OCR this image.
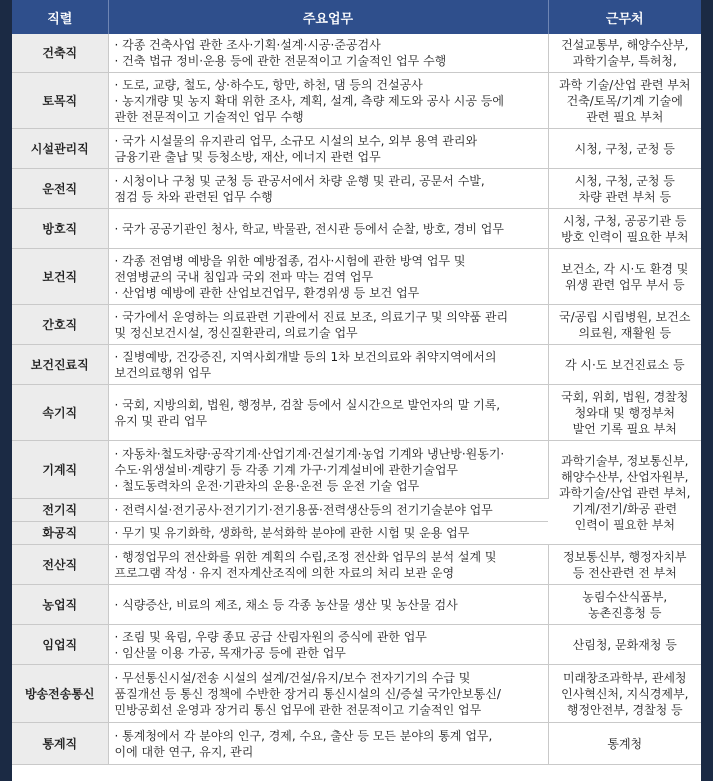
직렬	주요업무	근무처
건축직	· 각종 건축사업 관한 조사·기획·설계·시공·준공검사
· 건축 법규 정비·운용 등에 관한 전문적이고 기술적인 업무 수행	건설교통부, 해양수산부,
과학기술부, 특허청,

토목직	· 도로, 교량, 철도, 상·하수도, 항만, 하천, 댐 등의 건설공사
· 농지개량 및 농지 확대 위한 조사, 계획, 설계, 측량 제도와 공사 시공 등에
관한 전문적이고 기술적인 업무 수행	과학 기술/산업 관련 부처
건축/토목/기계 기술에
관련 필요 부처

시설관리직	· 국가 시설물의 유지관리 업무, 소규모 시설의 보수, 외부 용역 관리와
금융기관 출납 및 등청소방, 재산, 에너지 관련 업무	시청, 구청, 군청 등

운전직	· 시청이나 구청 및 군청 등 관공서에서 차량 운행 및 관리, 공문서 수발,
점검 등 차와 관련된 업무 수행	시청, 구청, 군청 등
차량 관련 부처 등

방호직	· 국가 공공기관인 청사, 학교, 박물관, 전시관 등에서 순찰, 방호, 경비 업무	시청, 구청, 공공기관 등
방호 인력이 필요한 부처

보건직	· 각종 전염병 예방을 위한 예방접종, 검사·시험에 관한 방역 업무 및
전염병균의 국내 침입과 국외 전파 막는 검역 업무
· 산업병 예방에 관한 산업보건업무, 환경위생 등 보건 업무	보건소, 각 시·도 환경 및
위생 관련 업무 부서 등

간호직	· 국가에서 운영하는 의료관련 기관에서 진료 보조, 의료기구 및 의약품 관리
및 정신보건시설, 정신질환관리, 의료기술 업무	국/공립 시립병원, 보건소
의료원, 재활원 등

보건진료직	· 질병예방, 건강증진, 지역사회개발 등의 1차 보건의료와 취약지역에서의
보건의료행위 업무	각 시·도 보건진료소 등

속기직	· 국회, 지방의회, 법원, 행정부, 검찰 등에서 실시간으로 발언자의 말 기록,
유지 및 관리 업무	국회, 위회, 법원, 경찰청
청와대 및 행정부처
발언 기록 필요 부처

기계직	· 자동차·철도차량·공작기계·산업기계·건설기계·농업 기계와 냉난방·원동기·
수도·위생설비·계량기 등 각종 기계 가구·기계설비에 관한기술업무
· 철도동력차의 운전·기관차의 운용·운전 등 운전 기술 업무	과학기술부, 정보통신부,
해양수산부, 산업자원부,
과학기술/산업 관련 부처,
기계/전기/화공 관련
인력이 필요한 부처

전기직	· 전력시설·전기공사·전기기기·전기용품·전력생산등의 전기기술분야 업무	

화공직	· 무기 및 유기화학, 생화학, 분석화학 분야에 관한 시험 및 운용 업무	

전산직	· 행정업무의 전산화를 위한 계획의 수립,조정 전산화 업무의 분석 설계 및
프로그램 작성 · 유지 전자계산조직에 의한 자료의 처리 보관 운영	정보통신부, 행정자치부
등 전산관련 전 부처

농업직	· 식량증산, 비료의 제조, 채소 등 각종 농산물 생산 및 농산물 검사	농림수산식품부,
농촌진흥청 등

임업직	· 조림 및 육림, 우량 종묘 공급 산림자원의 증식에 관한 업무
· 임산물 이용 가공, 목재가공 등에 관한 업무	산림청, 문화재청 등

방송전송통신	· 무선통신시설/전송 시설의 설계/건설/유지/보수 전자기기의 수급 및
품질개선 등 통신 정책에 수반한 장거리 통신시설의 신/증설 국가안보통신/
민방공회선 운영과 장거리 통신 업무에 관한 전문적이고 기술적인 업무	미래창조과학부, 관세청
인사혁신처, 지식경제부,
행정안전부, 경찰청 등

통계직	· 통계청에서 각 분야의 인구, 경제, 수요, 출산 등 모든 분야의 통계 업무,
이에 대한 연구, 유지, 관리	통계청
